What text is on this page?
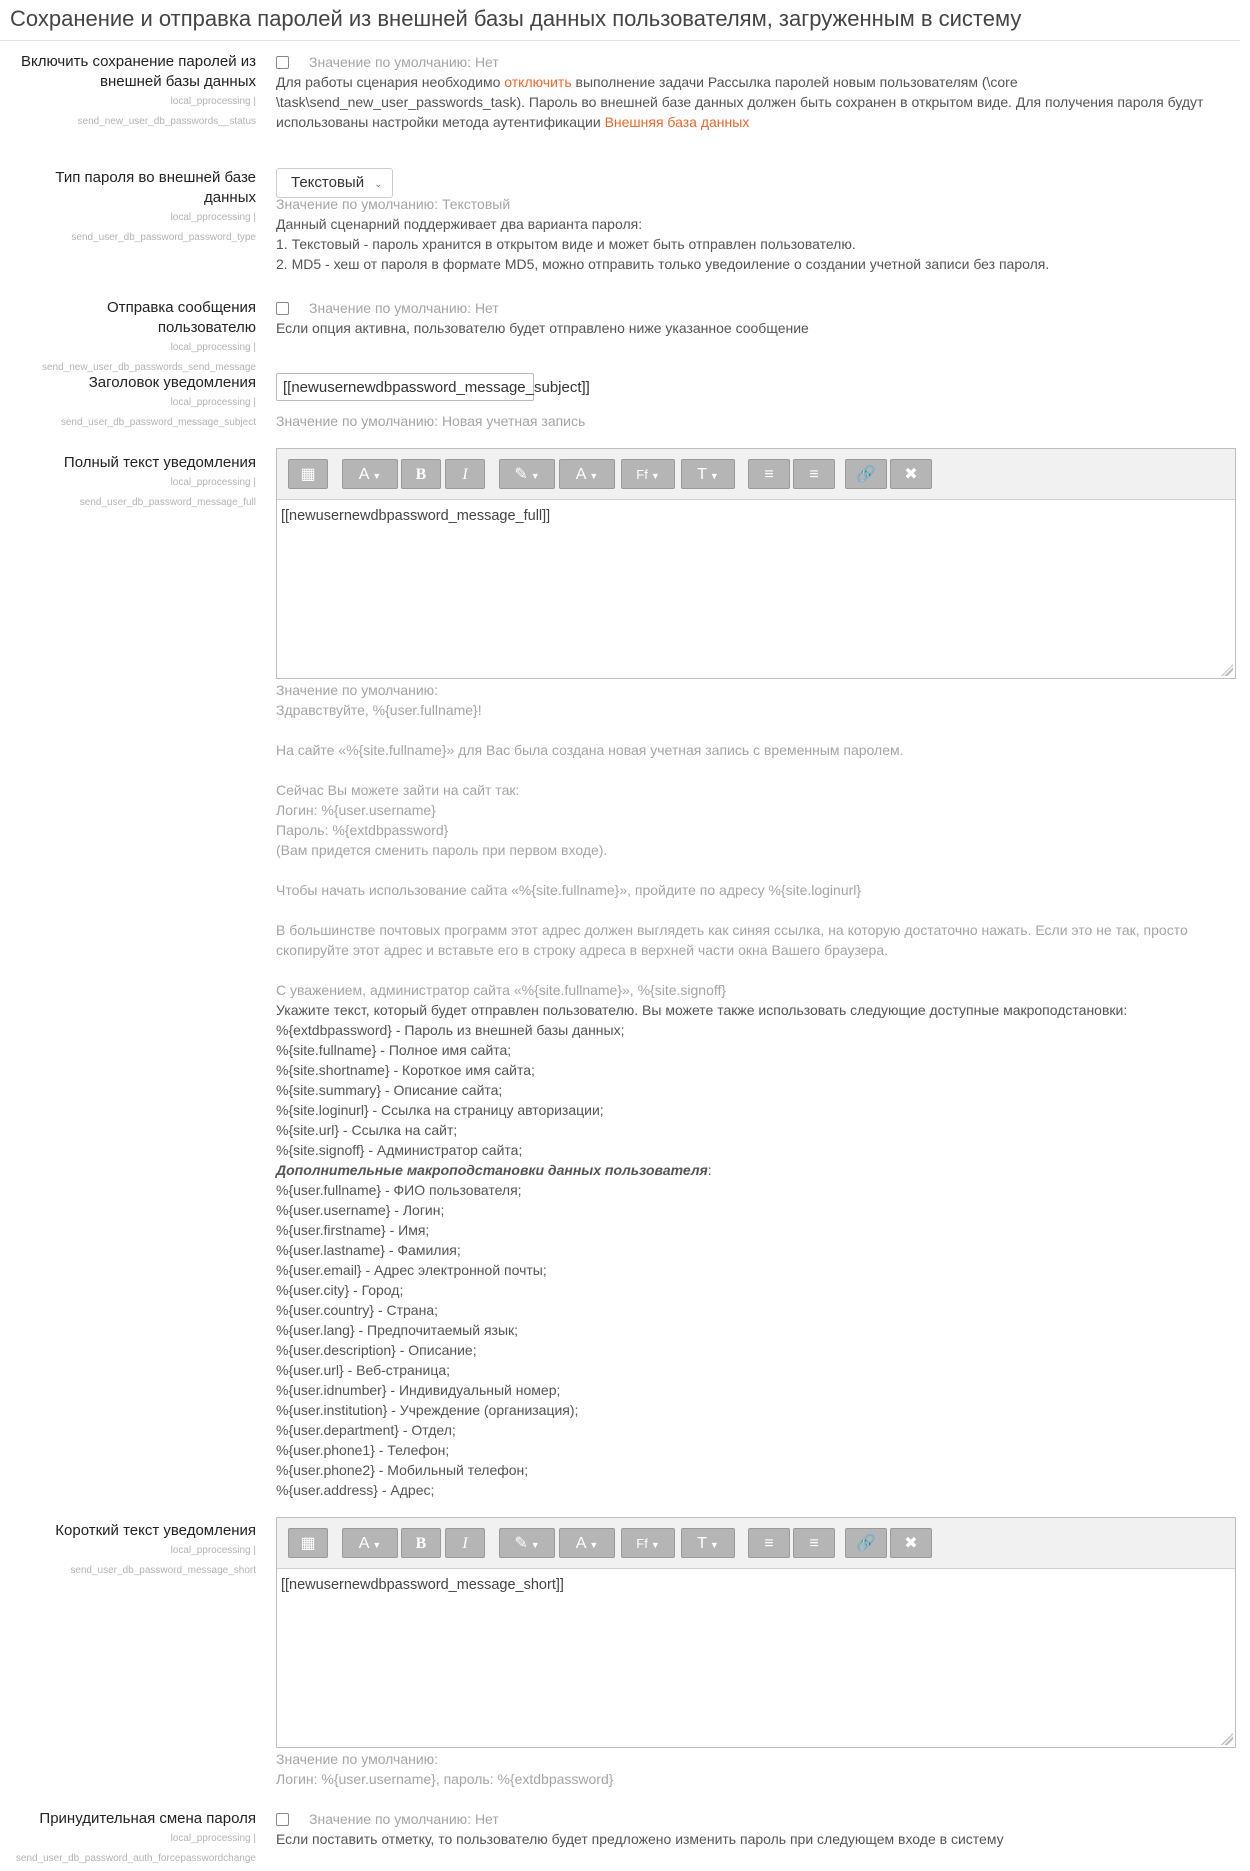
Сохранение и отправка паролей из внешней базы данных пользователям, загруженным в систему
Включить сохранение паролей из
внешней базы данных
local_pprocessing |
send_new_user_db_passwords__status
Значение по умолчанию: Нет
Для работы сценария необходимо отключить выполнение задачи Рассылка паролей новым пользователям (\core
\task\send_new_user_passwords_task). Пароль во внешней базе данных должен быть сохранен в открытом виде. Для получения пароля будут
использованы настройки метода аутентификации Внешняя база данных
Тип пароля во внешней базе данных
local_pprocessing |
send_user_db_password_password_type
Текстовый ⌄
Значение по умолчанию: Текстовый
Данный сценарний поддерживает два варианта пароля:
1. Текстовый - пароль хранится в открытом виде и может быть отправлен пользователю.
2. MD5 - хеш от пароля в формате MD5, можно отправить только уведоиление о создании учетной записи без пароля.
Отправка сообщения пользователю
local_pprocessing |
send_new_user_db_passwords_send_message
Значение по умолчанию: Нет
Если опция активна, пользователю будет отправлено ниже указанное сообщение
Заголовок уведомления
local_pprocessing |
send_user_db_password_message_subject
[[newusernewdbpassword_message_subject]]
Значение по умолчанию: Новая учетная запись
Полный текст уведомления
local_pprocessing |
send_user_db_password_message_full
▦	A ▼	B	I	✎ ▼	A ▼	Ff ▼	T ▼	≡	≡	🔗	✖
[[newusernewdbpassword_message_full]]
Значение по умолчанию:
Здравствуйте, %{user.fullname}!
На сайте «%{site.fullname}» для Вас была создана новая учетная запись с временным паролем.
Сейчас Вы можете зайти на сайт так:
Логин: %{user.username}
Пароль: %{extdbpassword}
(Вам придется сменить пароль при первом входе).
Чтобы начать использование сайта «%{site.fullname}», пройдите по адресу %{site.loginurl}
В большинстве почтовых программ этот адрес должен выглядеть как синяя ссылка, на которую достаточно нажать. Если это не так, просто
скопируйте этот адрес и вставьте его в строку адреса в верхней части окна Вашего браузера.
С уважением, администратор сайта «%{site.fullname}», %{site.signoff}
Укажите текст, который будет отправлен пользователю. Вы можете также использовать следующие доступные макроподстановки:
%{extdbpassword} - Пароль из внешней базы данных;
%{site.fullname} - Полное имя сайта;
%{site.shortname} - Короткое имя сайта;
%{site.summary} - Описание сайта;
%{site.loginurl} - Ссылка на страницу авторизации;
%{site.url} - Ссылка на сайт;
%{site.signoff} - Администратор сайта;
Дополнительные макроподстановки данных пользователя:
%{user.fullname} - ФИО пользователя;
%{user.username} - Логин;
%{user.firstname} - Имя;
%{user.lastname} - Фамилия;
%{user.email} - Адрес электронной почты;
%{user.city} - Город;
%{user.country} - Страна;
%{user.lang} - Предпочитаемый язык;
%{user.description} - Описание;
%{user.url} - Веб-страница;
%{user.idnumber} - Индивидуальный номер;
%{user.institution} - Учреждение (организация);
%{user.department} - Отдел;
%{user.phone1} - Телефон;
%{user.phone2} - Мобильный телефон;
%{user.address} - Адрес;
Короткий текст уведомления
local_pprocessing |
send_user_db_password_message_short
▦	A ▼	B	I	✎ ▼	A ▼	Ff ▼	T ▼	≡	≡	🔗	✖
[[newusernewdbpassword_message_short]]
Значение по умолчанию:
Логин: %{user.username}, пароль: %{extdbpassword}
Принудительная смена пароля
local_pprocessing |
send_user_db_password_auth_forcepasswordchange
Значение по умолчанию: Нет
Если поставить отметку, то пользователю будет предложено изменить пароль при следующем входе в систему
